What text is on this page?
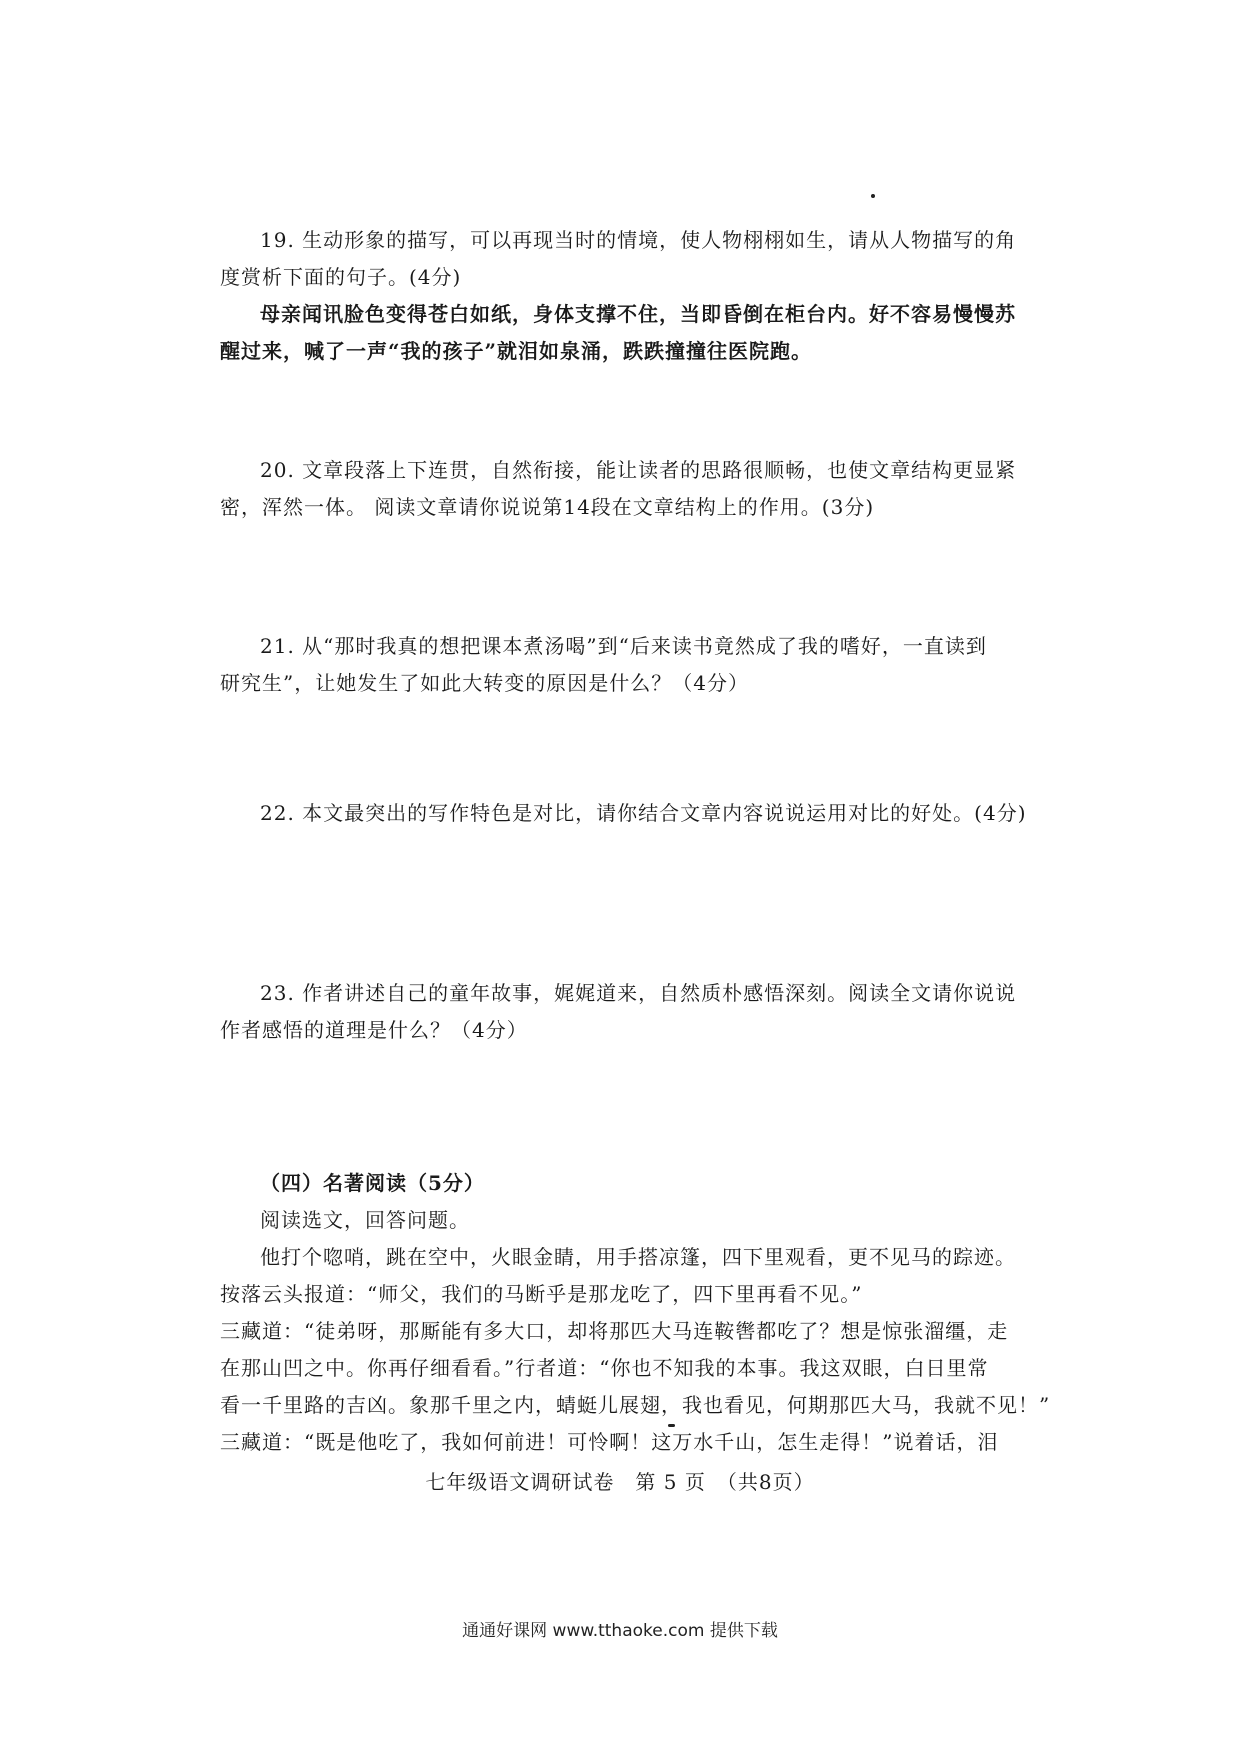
19. 生动形象的描写，可以再现当时的情境，使人物栩栩如生，请从人物描写的角

度赏析下面的句子。(4分)

母亲闻讯脸色变得苍白如纸，身体支撑不住，当即昏倒在柜台内。好不容易慢慢苏

醒过来，喊了一声“我的孩子”就泪如泉涌，跌跌撞撞往医院跑。

20. 文章段落上下连贯，自然衔接，能让读者的思路很顺畅，也使文章结构更显紧

密，浑然一体。 阅读文章请你说说第14段在文章结构上的作用。(3分)

21. 从“那时我真的想把课本煮汤喝”到“后来读书竟然成了我的嗜好，一直读到

研究生”，让她发生了如此大转变的原因是什么？（4分）

22. 本文最突出的写作特色是对比，请你结合文章内容说说运用对比的好处。(4分)

23. 作者讲述自己的童年故事，娓娓道来，自然质朴感悟深刻。阅读全文请你说说

作者感悟的道理是什么？（4分）

（四）名著阅读（5分）

阅读选文，回答问题。

他打个唿哨，跳在空中，火眼金睛，用手搭凉篷，四下里观看，更不见马的踪迹。

按落云头报道：“师父，我们的马断乎是那龙吃了，四下里再看不见。”

三藏道：“徒弟呀，那厮能有多大口，却将那匹大马连鞍辔都吃了？想是惊张溜缰，走

在那山凹之中。你再仔细看看。”行者道：“你也不知我的本事。我这双眼，白日里常

看一千里路的吉凶。象那千里之内，蜻蜓儿展翅，我也看见，何期那匹大马，我就不见！”

三藏道：“既是他吃了，我如何前进！可怜啊！这万水千山，怎生走得！”说着话，泪

七年级语文调研试卷　第 5 页　（共8页）
通通好课网 www.tthaoke.com 提供下载
